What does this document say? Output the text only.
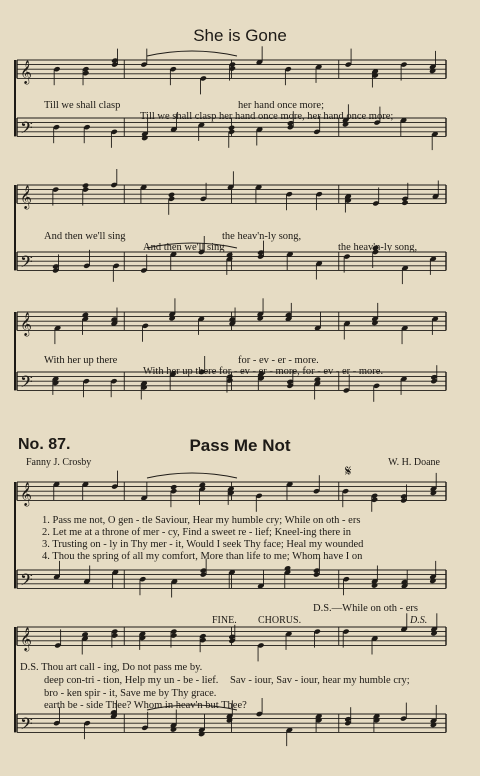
𝄞
𝄢
𝄞
𝄢
𝄞
𝄢
𝄞
𝄢
𝄞
𝄢
She is Gone
Till we shall clasp	her hand once more;
Till we shall clasp her hand once more, her hand once more;
And then we'll sing	the heav'n-ly song,
And then we'll sing	the heav'n-ly song,
With her up there	for - ev - er - more.
With her up there for - ev - er - more, for - ev - er - more.
No. 87.	Pass Me Not
Fanny J. Crosby	W. H. Doane
𝄋
1. Pass me not, O gen - tle Saviour, Hear my humble cry; While on oth - ers
2. Let me at a throne of mer - cy, Find a sweet re - lief; Kneel-ing there in
3. Trusting on - ly in Thy mer - it, Would I seek Thy face; Heal my wounded
4. Thou the spring of all my comfort, More than life to me; Whom have I on
D.S.—While on oth - ers
FINE. CHORUS.	D.S.
D.S. Thou art call - ing, Do not pass me by.
deep con-tri - tion, Help my un - be - lief. Sav - iour, Sav - iour, hear my humble cry;
bro - ken spir - it, Save me by Thy grace.
earth be - side Thee? Whom in heav'n but Thee?
